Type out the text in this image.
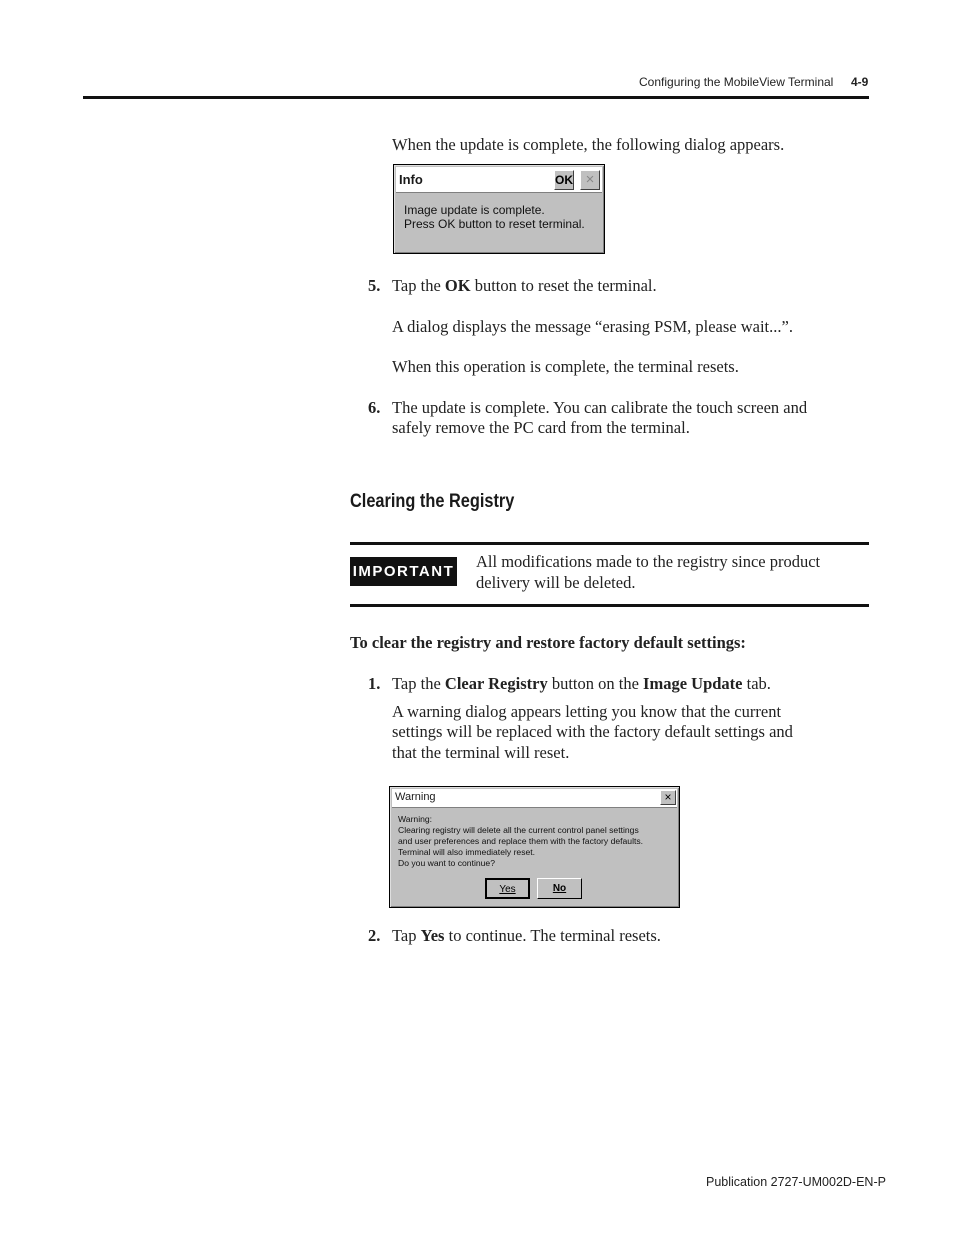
Configuring the MobileView Terminal 4-9
When the update is complete, the following dialog appears.
Info	OK ×
Image update is complete.
Press OK button to reset terminal.
5. Tap the OK button to reset the terminal.
A dialog displays the message “erasing PSM, please wait...”.
When this operation is complete, the terminal resets.
6. The update is complete. You can calibrate the touch screen and
safely remove the PC card from the terminal.
Clearing the Registry
IMPORTANT
All modifications made to the registry since product
delivery will be deleted.
To clear the registry and restore factory default settings:
1. Tap the Clear Registry button on the Image Update tab.
A warning dialog appears letting you know that the current
settings will be replaced with the factory default settings and
that the terminal will reset.
Warning	×
Warning:
Clearing registry will delete all the current control panel settings
and user preferences and replace them with the factory defaults.
Terminal will also immediately reset.
Do you want to continue?
Yes	No
2. Tap Yes to continue. The terminal resets.
Publication 2727-UM002D-EN-P
